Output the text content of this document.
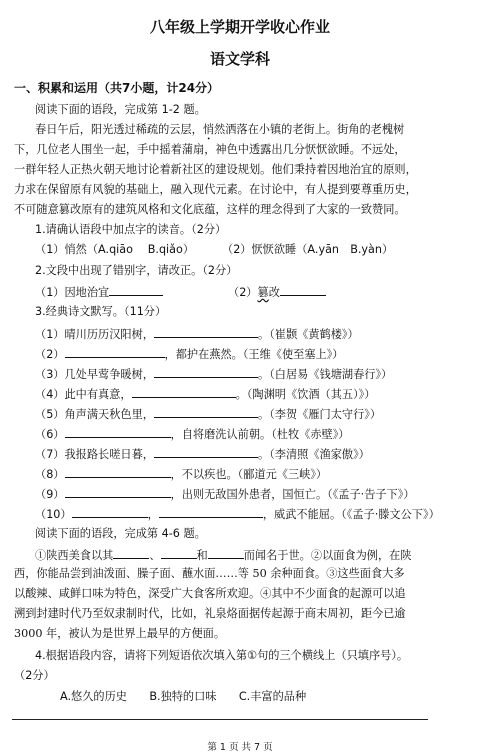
八年级上学期开学收心作业
语文学科
一、积累和运用（共7小题，计24分）
阅读下面的语段，完成第 1-2 题。
春日午后，阳光透过稀疏的云层，悄然洒落在小镇的老街上。街角的老槐树
下，几位老人围坐一起，手中摇着蒲扇，神色中透露出几分恹恹欲睡。不远处，
一群年轻人正热火朝天地讨论着新社区的建设规划。他们秉持着因地治宜的原则，
力求在保留原有风貌的基础上，融入现代元素。在讨论中，有人提到要尊重历史，
不可随意篡改原有的建筑风格和文化底蕴，这样的理念得到了大家的一致赞同。
1.请确认语段中加点字的读音。（2分）
（1）悄然（A.qiāo　 B.qiǎo）	（2）恹恹欲睡（A.yān　B.yàn）
2.文段中出现了错别字，请改正。（2分）
（1）因地治宜	（2）篡改
3.经典诗文默写。（11分）
（1）晴川历历汉阳树，	。（崔颢《黄鹤楼》）
（2）	，都护在燕然。（王维《使至塞上》）
（3）几处早莺争暖树，	。（白居易《钱塘湖春行》）
（4）此中有真意，	。（陶渊明《饮酒（其五）》）
（5）角声满天秋色里，	。（李贺《雁门太守行》）
（6）	，自将磨洗认前朝。（杜牧《赤壁》）
（7）我报路长嗟日暮，	。（李清照《渔家傲》）
（8）	，不以疾也。（郦道元《三峡》）
（9）	，出则无敌国外患者，国恒亡。（《孟子·告子下》）
（10）	，	，威武不能屈。（《孟子·滕文公下》）
阅读下面的语段，完成第 4-6 题。
①陕西美食以其	、	和	而闻名于世。②以面食为例，在陕
西，你能品尝到油泼面、臊子面、蘸水面……等 50 余种面食。③这些面食大多
以酸辣、咸鲜口味为特色，深受广大食客所欢迎。④其中不少面食的起源可以追
溯到封建时代乃至奴隶制时代，比如，礼泉烙面据传起源于商末周初，距今已逾
3000 年，被认为是世界上最早的方便面。
4.根据语段内容，请将下列短语依次填入第①句的三个横线上（只填序号）。
（2分）
A.悠久的历史　　B.独特的口味　　C.丰富的品种
第 1 页 共 7 页
